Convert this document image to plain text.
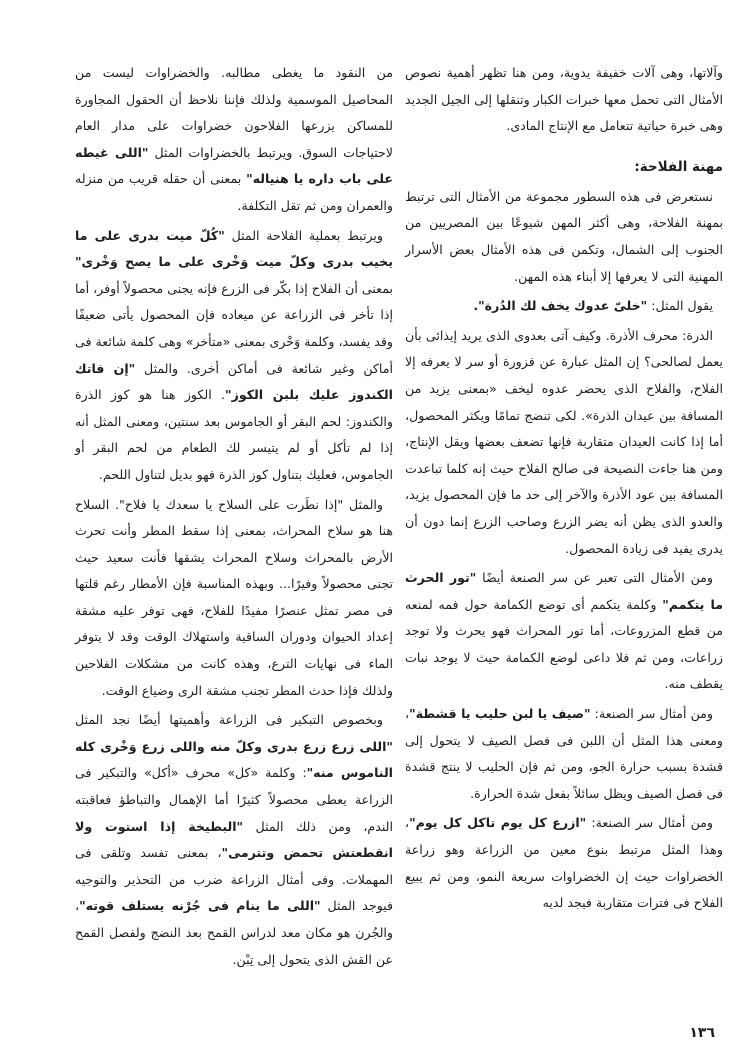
وآلاتها، وهى آلات خفيفة يدوية، ومن هنا تظهر أهمية نصوص الأمثال التى تحمل معها خبرات الكبار وتنقلها إلى الجيل الجديد وهى خبرة حياتية تتعامل مع الإنتاج المادى.

مهنة الفلاحة:

نستعرض فى هذه السطور مجموعة من الأمثال التى ترتبط بمهنة الفلاحة، وهى أكثر المهن شيوعًا بين المصريين من الجنوب إلى الشمال، وتكمن فى هذه الأمثال بعض الأسرار المهنية التى لا يعرفها إلا أبناء هذه المهن.

يقول المثل: "خلىّ عدوك يخف لك الدُرة".

الدرة: محرف الأذرة. وكيف آتى بعدوى الذى يريد إيذائى بأن يعمل لصالحى؟ إن المثل عبارة عن فزورة أو سر لا يعرفه إلا الفلاح، والفلاح الذى يحضر عدوه ليخف «بمعنى يزيد من المسافة بين عيدان الذرة». لكى تنضج تمامًا ويكثر المحصول، أما إذا كانت العيدان متقاربة فإنها تضعف بعضها ويقل الإنتاج، ومن هنا جاءت النصيحة فى صالح الفلاح حيث إنه كلما تباعدت المسافة بين عود الأذرة والآخر إلى حد ما فإن المحصول يزيد، والعدو الذى يظن أنه يضر الزرع وصاحب الزرع إنما دون أن يدرى يفيد فى زيادة المحصول.

ومن الأمثال التى تعبر عن سر الصنعة أيضًا "تور الحرث ما يتكمم" وكلمة يتكمم أى توضع الكمامة حول فمه لمنعه من قطع المزروعات، أما تور المحراث فهو يحرث ولا توجد زراعات، ومن ثم فلا داعى لوضع الكمامة حيث لا يوجد نبات يقطف منه.

ومن أمثال سر الصنعة: "صيف يا لبن حليب يا قشطة"، ومعنى هذا المثل أن اللبن فى فصل الصيف لا يتحول إلى قشدة بسبب حرارة الجو، ومن ثم فإن الحليب لا ينتج قشدة فى فصل الصيف ويظل سائلاً بفعل شدة الحرارة.

ومن أمثال سر الصنعة: "ازرع كل يوم تاكل كل يوم"، وهذا المثل مرتبط بنوع معين من الزراعة وهو زراعة الخضراوات حيث إن الخضراوات سريعة النمو، ومن ثم يبيع الفلاح فى فترات متقاربة فيجد لديه

من النقود ما يغطى مطالبه. والخضراوات ليست من المحاصيل الموسمية ولذلك فإننا نلاحظ أن الحقول المجاورة للمساكن يزرعها الفلاحون خضراوات على مدار العام لاحتياجات السوق. ويرتبط بالخضراوات المثل "اللى غيطه على باب داره يا هنياله" بمعنى أن حقله قريب من منزله والعمران ومن ثم تقل التكلفة.

ويرتبط بعملية الفلاحة المثل "كُلّ ميت بدرى على ما يخيب بدرى وكلّ ميت وَخْرى على ما يصح وَخْرى" بمعنى أن الفلاح إذا بكّر فى الزرع فإنه يجنى محصولاً أوفر، أما إذا تأخر فى الزراعة عن ميعاده فإن المحصول يأتى ضعيفًا وقد يفسد، وكلمة وَخْرى بمعنى «متأخر» وهى كلمة شائعة فى أماكن وغير شائعة فى أماكن أخرى. والمثل "إن فاتك الكندوز عليك بلبن الكوز". الكوز هنا هو كوز الذرة والكندوز: لحم البقر أو الجاموس بعد سنتين، ومعنى المثل أنه إذا لم تأكل أو لم يتيسر لك الطعام من لحم البقر أو الجاموس، فعليك بتناول كوز الذرة فهو بديل لتناول اللحم.

والمثل "إذا نطَرت على السلاح يا سعدك يا فلاح". السلاح هنا هو سلاح المحراث، بمعنى إذا سقط المطر وأنت تحرث الأرض بالمحراث وسلاح المحراث يشقها فأنت سعيد حيث تجنى محصولاً وفيرًا... وبهذه المناسبة فإن الأمطار رغم قلتها فى مصر تمثل عنصرًا مفيدًا للفلاح، فهى توفر عليه مشقة إعداد الحيوان ودوران الساقية واستهلاك الوقت وقد لا يتوفر الماء فى نهايات الترع، وهذه كانت من مشكلات الفلاحين ولذلك فإذا حدث المطر تجنب مشقة الرى وضياع الوقت.

وبخصوص التبكير فى الزراعة وأهميتها أيضًا نجد المثل "اللى زرع زرع بدرى وكلّ منه واللى زرع وَخْرى كله الناموس منه": وكلمة «كل» محرف «أكل» والتبكير فى الزراعة يعطى محصولاً كثيرًا أما الإهمال والتباطؤ فعاقبته الندم، ومن ذلك المثل "البطيخة إذا استوت ولا انقطعتش تحمض وتترمى"، بمعنى تفسد وتلقى فى المهملات. وفى أمثال الزراعة ضرب من التحذير والتوجيه فيوجد المثل "اللى ما ينام فى جُرْنه يستلف قوته"، والجُرن هو مكان معد لدراس القمح بعد النضج ولفصل القمح عن القش الذى يتحول إلى تِبْن.

١٣٦
